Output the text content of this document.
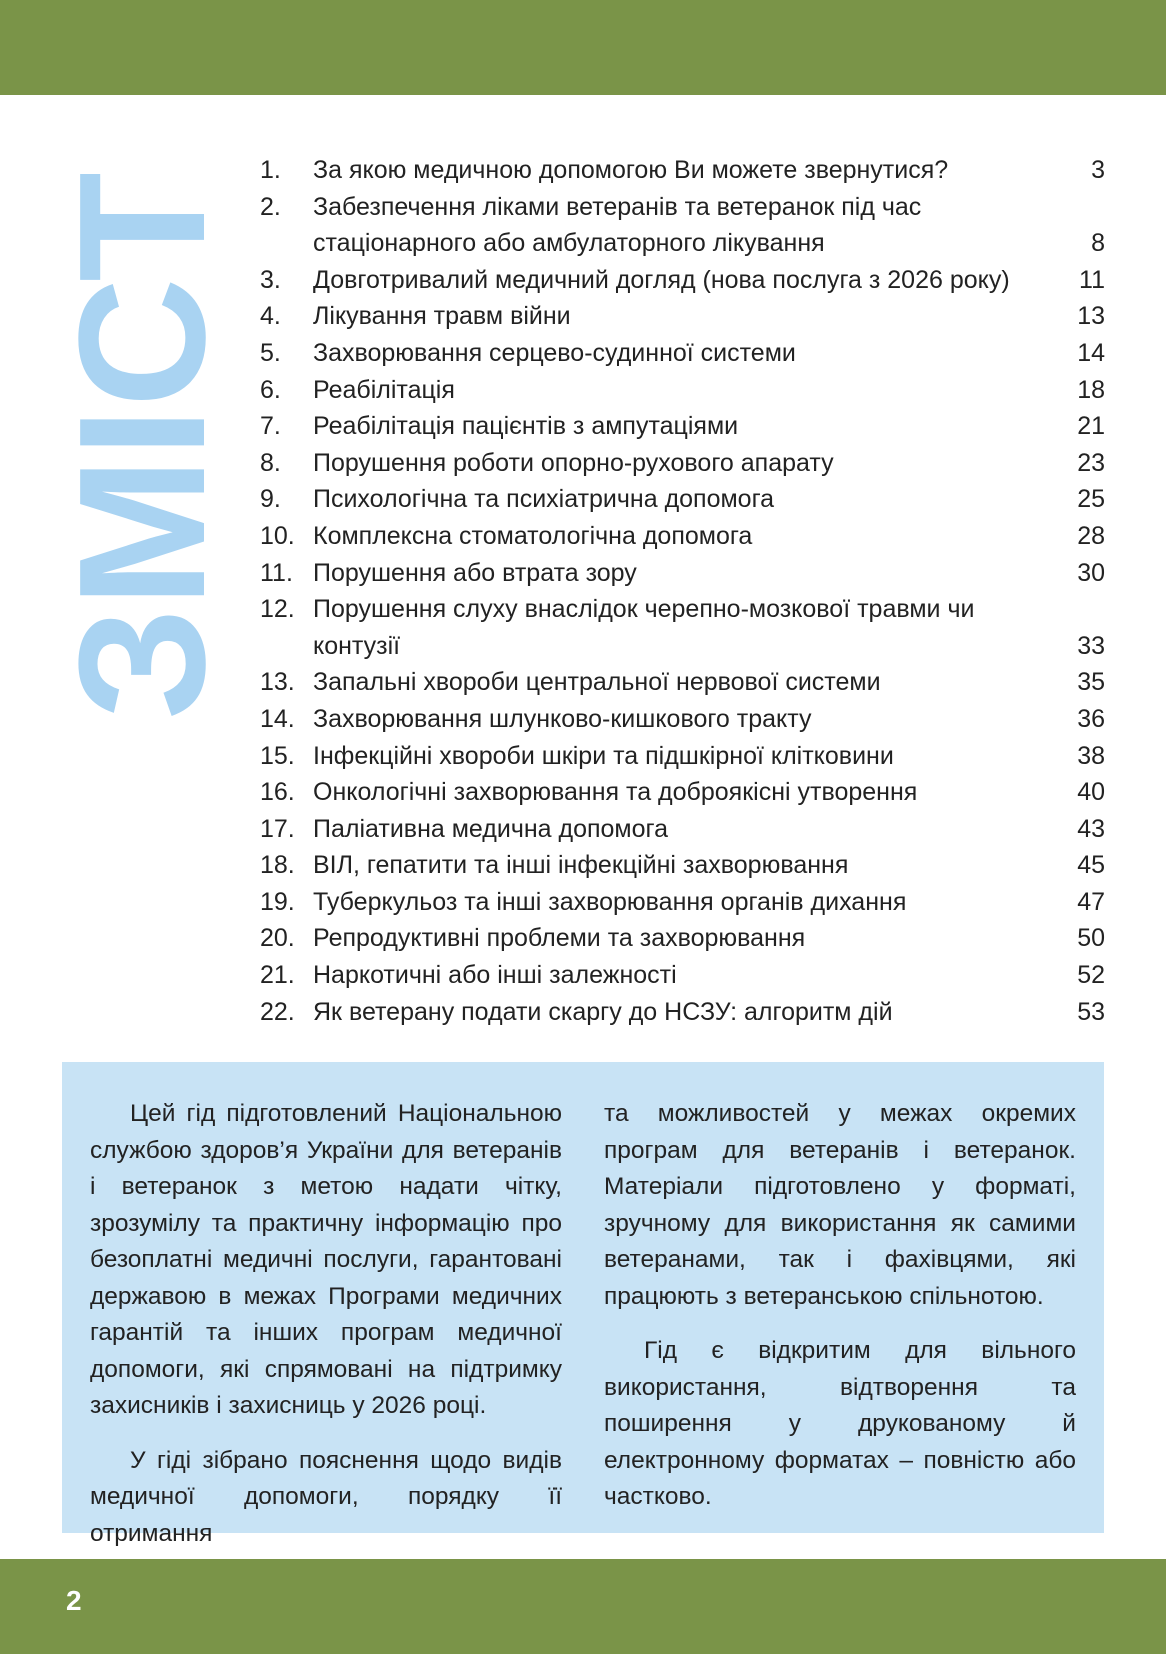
ЗМІСТ
1.	За якою медичною допомогою Ви можете звернутися?	3
2.	Забезпечення ліками ветеранів та ветеранок під час стаціонарного або амбулаторного лікування	8
3.	Довготривалий медичний догляд (нова послуга з 2026 року)	11
4.	Лікування травм війни	13
5.	Захворювання серцево-судинної системи	14
6.	Реабілітація	18
7.	Реабілітація пацієнтів з ампутаціями	21
8.	Порушення роботи опорно-рухового апарату	23
9.	Психологічна та психіатрична допомога	25
10. Комплексна стоматологічна допомога	28
11. Порушення або втрата зору	30
12. Порушення слуху внаслідок черепно-мозкової травми чи контузії	33
13. Запальні хвороби центральної нервової системи	35
14. Захворювання шлунково-кишкового тракту	36
15. Інфекційні хвороби шкіри та підшкірної клітковини	38
16. Онкологічні захворювання та доброякісні утворення	40
17. Паліативна медична допомога	43
18. ВІЛ, гепатити та інші інфекційні захворювання	45
19. Туберкульоз та інші захворювання органів дихання	47
20. Репродуктивні проблеми та захворювання	50
21. Наркотичні або інші залежності	52
22. Як ветерану подати скаргу до НСЗУ: алгоритм дій	53

Цей гід підготовлений Національною службою здоров’я України для ветеранів і ветеранок з метою надати чітку, зрозумілу та практичну інформацію про безоплатні медичні послуги, гарантовані державою в межах Програми медичних гарантій та інших програм медичної допомоги, які спрямовані на підтримку захисників і захисниць у 2026 році.

У гіді зібрано пояснення щодо видів медичної допомоги, порядку її отримання

та можливостей у межах окремих програм для ветеранів і ветеранок. Матеріали підготовлено у форматі, зручному для використання як самими ветеранами, так і фахівцями, які працюють з ветеранською спільнотою.

Гід є відкритим для вільного використання, відтворення та поширення у друкованому й електронному форматах – повністю або частково.

2
